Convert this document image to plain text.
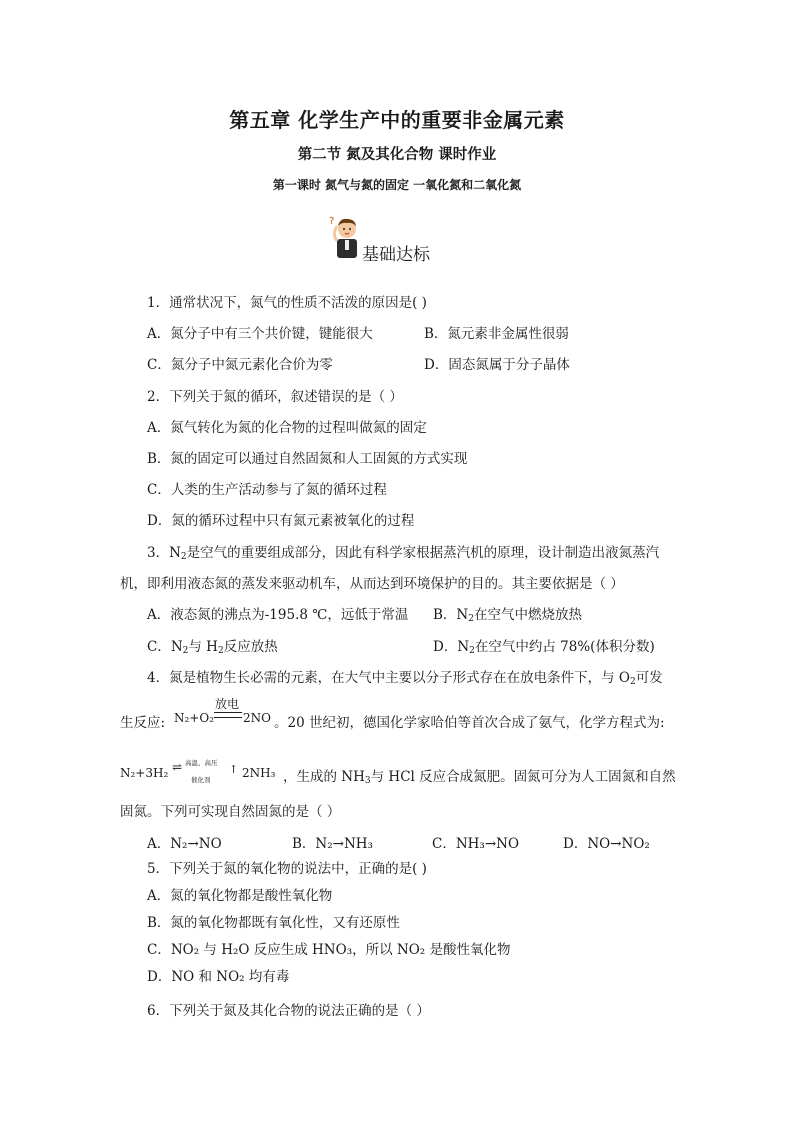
第五章 化学生产中的重要非金属元素
第二节 氮及其化合物 课时作业
第一课时 氮气与氮的固定 一氧化氮和二氧化氮
?
基础达标
1．通常状况下，氮气的性质不活泼的原因是( )
A．氮分子中有三个共价键，键能很大	B．氮元素非金属性很弱
C．氮分子中氮元素化合价为零	D．固态氮属于分子晶体
2．下列关于氮的循环，叙述错误的是（ ）
A．氮气转化为氮的化合物的过程叫做氮的固定
B．氮的固定可以通过自然固氮和人工固氮的方式实现
C．人类的生产活动参与了氮的循环过程
D．氮的循环过程中只有氮元素被氧化的过程
3．$N_2$是空气的重要组成部分，因此有科学家根据蒸汽机的原理，设计制造出液氮蒸汽
机，即利用液态氮的蒸发来驱动机车，从而达到环境保护的目的。其主要依据是（ ）
A．液态氮的沸点为-195.8 ℃，远低于常温 B．$N_2$在空气中燃烧放热
C．$N_2$与 $H_2$反应放热	D．$N_2$在空气中约占 78%(体积分数)
4．氮是植物生长必需的元素，在大气中主要以分子形式存在在放电条件下，与 $O_2$可发
生反应: N₂+O₂
放电
2NO 。20 世纪初，德国化学家哈伯等首次合成了氨气，化学方程式为:
N₂+3H₂ ⇌ 高温、高压
催化剂
↑ 2NH₃ ，生成的 $NH_3$与 HCl 反应合成氮肥。固氮可分为人工固氮和自然
固氮。下列可实现自然固氮的是（ ）
A．N₂→NO	B．N₂→NH₃	C．NH₃→NO	D．NO→NO₂
5．下列关于氮的氧化物的说法中，正确的是( )
A．氮的氧化物都是酸性氧化物
B．氮的氧化物都既有氧化性，又有还原性
C．NO₂ 与 H₂O 反应生成 HNO₃，所以 NO₂ 是酸性氧化物
D．NO 和 NO₂ 均有毒
6．下列关于氮及其化合物的说法正确的是（ ）
